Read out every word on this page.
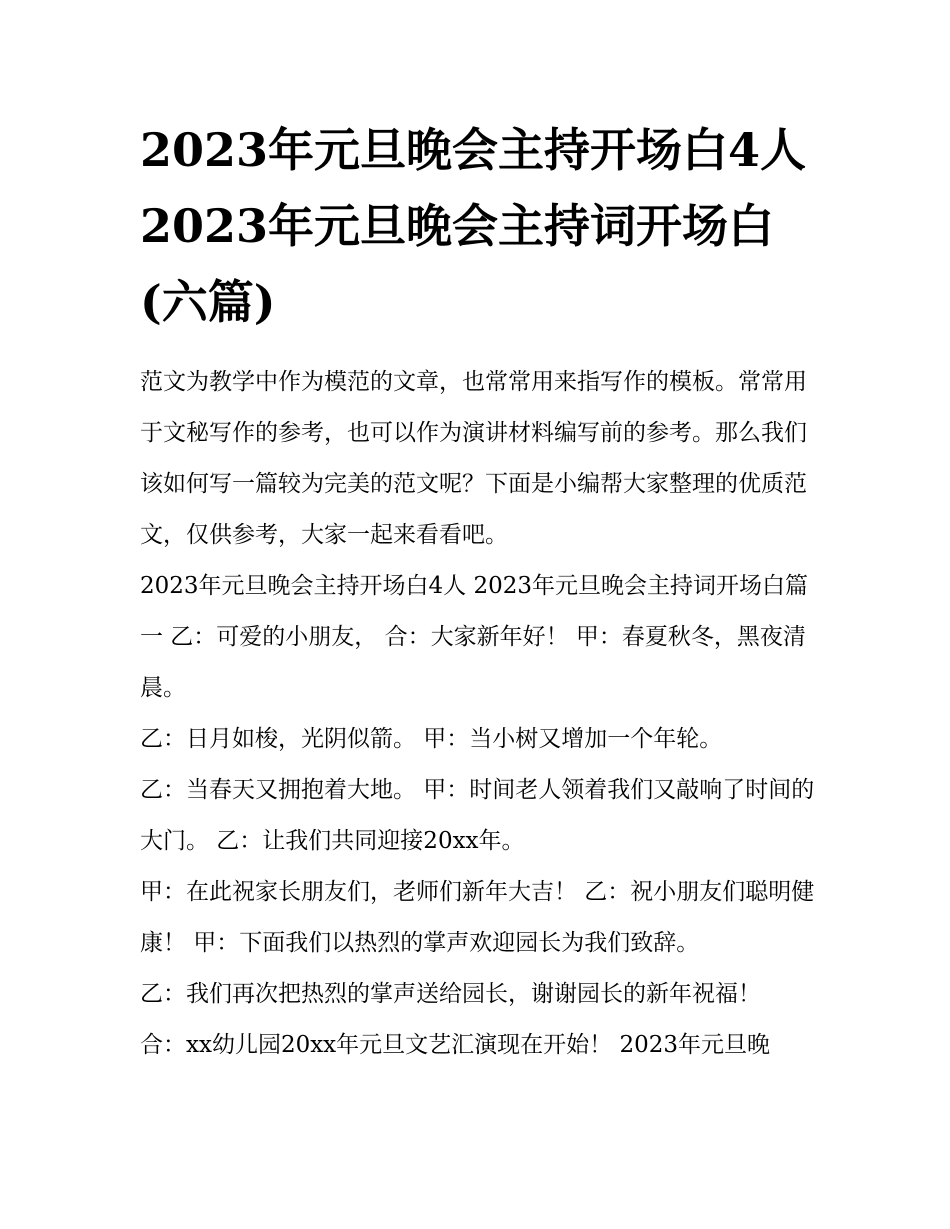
2023年元旦晚会主持开场白4人 2023年元旦晚会主持词开场白(六篇)

范文为教学中作为模范的文章，也常常用来指写作的模板。常常用于文秘写作的参考，也可以作为演讲材料编写前的参考。那么我们该如何写一篇较为完美的范文呢？下面是小编帮大家整理的优质范文，仅供参考，大家一起来看看吧。

2023年元旦晚会主持开场白4人 2023年元旦晚会主持词开场白篇一 乙：可爱的小朋友， 合：大家新年好！ 甲：春夏秋冬，黑夜清晨。

乙：日月如梭，光阴似箭。 甲：当小树又增加一个年轮。

乙：当春天又拥抱着大地。 甲：时间老人领着我们又敲响了时间的大门。 乙：让我们共同迎接20xx年。

甲：在此祝家长朋友们，老师们新年大吉！ 乙：祝小朋友们聪明健康！ 甲：下面我们以热烈的掌声欢迎园长为我们致辞。

乙：我们再次把热烈的掌声送给园长，谢谢园长的新年祝福！

合：xx幼儿园20xx年元旦文艺汇演现在开始！ 2023年元旦晚
